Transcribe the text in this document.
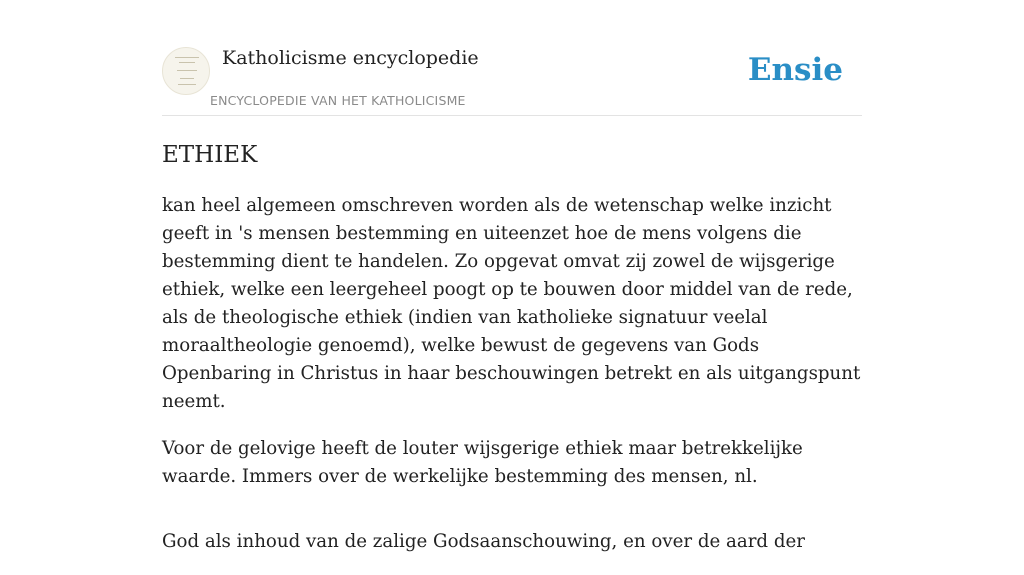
Katholicisme encyclopedie
ENCYCLOPEDIE VAN HET KATHOLICISME
Ensie
ETHIEK

kan heel algemeen omschreven worden als de wetenschap welke inzicht geeft in 's mensen bestemming en uiteenzet hoe de mens volgens die bestemming dient te handelen. Zo opgevat omvat zij zowel de wijsgerige ethiek, welke een leergeheel poogt op te bouwen door middel van de rede, als de theologische ethiek (indien van katholieke signatuur veelal moraaltheologie genoemd), welke bewust de gegevens van Gods Openbaring in Christus in haar beschouwingen betrekt en als uitgangspunt neemt.

Voor de gelovige heeft de louter wijsgerige ethiek maar betrekkelijke waarde. Immers over de werkelijke bestemming des mensen, nl.

God als inhoud van de zalige Godsaanschouwing, en over de aard der
